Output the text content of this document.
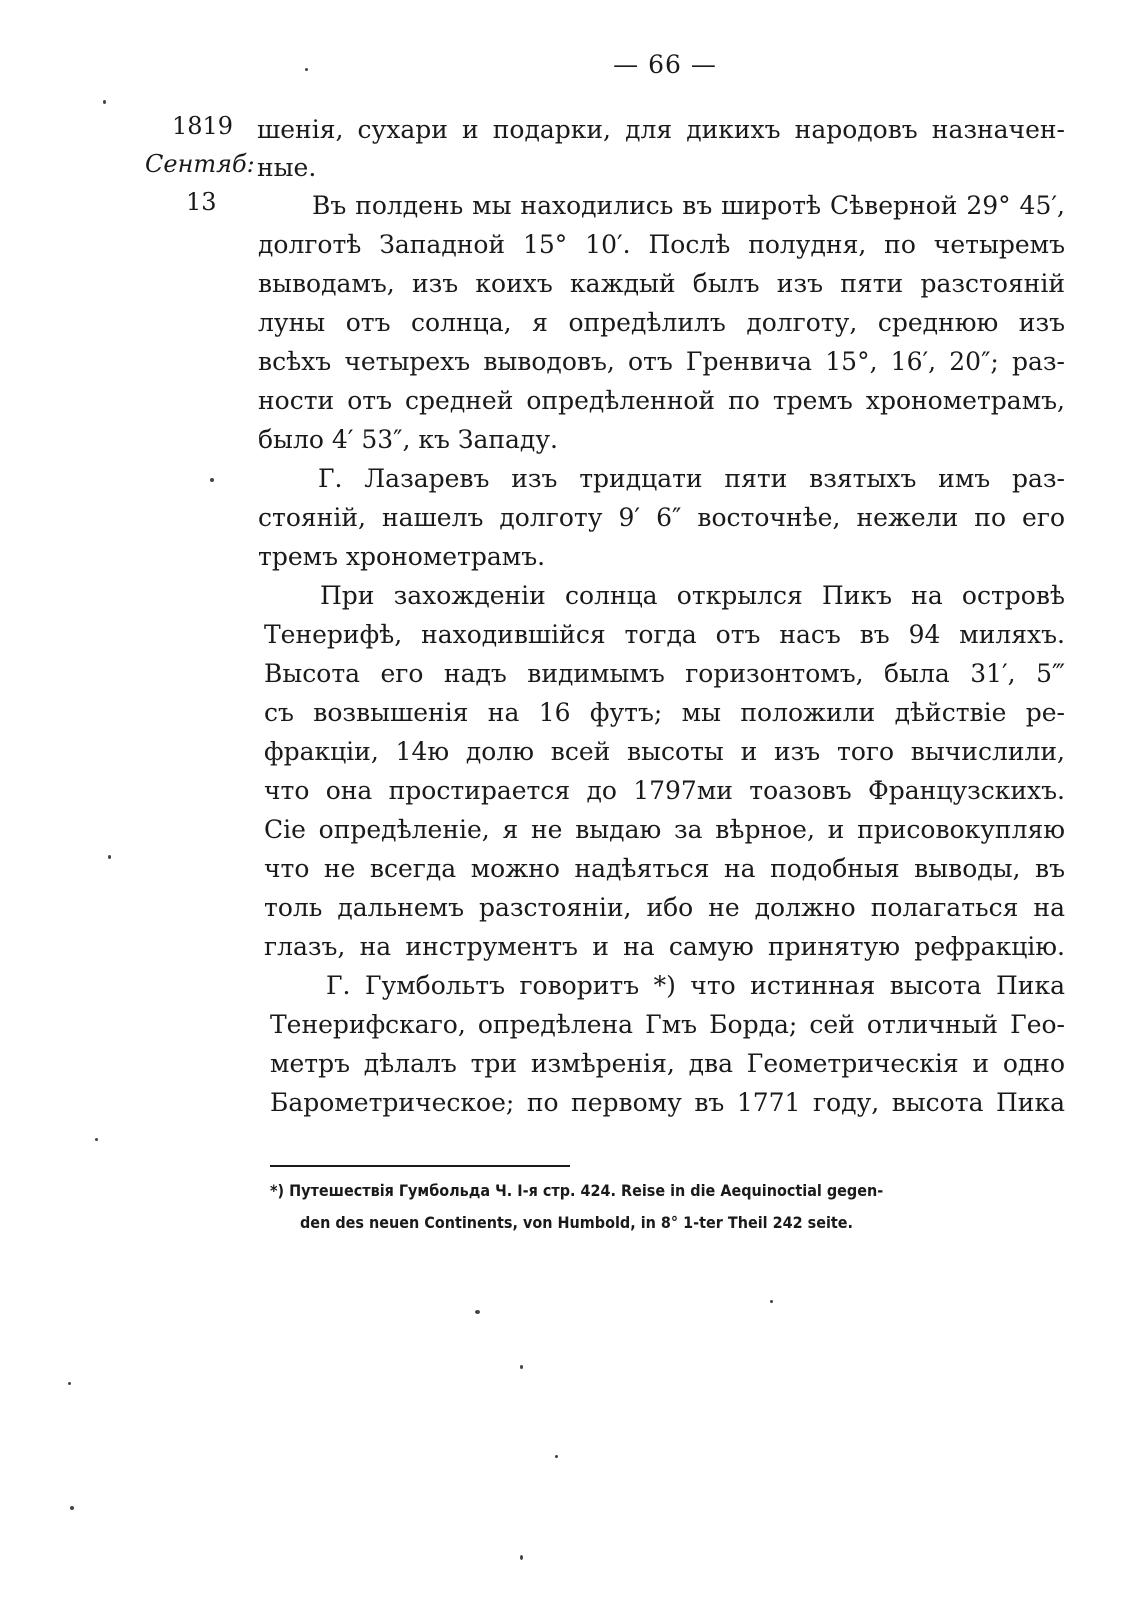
— 66 —
1819
Сентяб:
13
шенія, сухари и подарки, для дикихъ народовъ назначен-
ные.
Въ полдень мы находились въ широтѣ Сѣверной 29° 45′,
долготѣ Западной 15° 10′. Послѣ полудня, по четыремъ
выводамъ, изъ коихъ каждый былъ изъ пяти разстояній
луны отъ солнца, я опредѣлилъ долготу, среднюю изъ
всѣхъ четырехъ выводовъ, отъ Гренвича 15°, 16′, 20″; раз-
ности отъ средней опредѣленной по тремъ хронометрамъ,
было 4′ 53″, къ Западу.
Г. Лазаревъ изъ тридцати пяти взятыхъ имъ раз-
стояній, нашелъ долготу 9′ 6″ восточнѣе, нежели по его
тремъ хронометрамъ.
При захожденіи солнца открылся Пикъ на островѣ
Тенерифѣ, находившійся тогда отъ насъ въ 94 миляхъ.
Высота его надъ видимымъ горизонтомъ, была 31′, 5‴
съ возвышенія на 16 футъ; мы положили дѣйствіе ре-
фракціи, 14ю долю всей высоты и изъ того вычислили,
что она простирается до 1797ми тоазовъ Французскихъ.
Сіе опредѣленіе, я не выдаю за вѣрное, и присовокупляю
что не всегда можно надѣяться на подобныя выводы, въ
толь дальнемъ разстояніи, ибо не должно полагаться на
глазъ, на инструментъ и на самую принятую рефракцію.
Г. Гумбольтъ говоритъ *) что истинная высота Пика
Тенерифскаго, опредѣлена Гмъ Борда; сей отличный Гео-
метръ дѣлалъ три измѣренія, два Геометрическія и одно
Барометрическое; по первому въ 1771 году, высота Пика
*) Путешествія Гумбольда Ч. I-я стр. 424. Reise in die Aequinoctial gegen-
den des neuen Continents, von Humbold, in 8° 1-ter Theil 242 seite.
